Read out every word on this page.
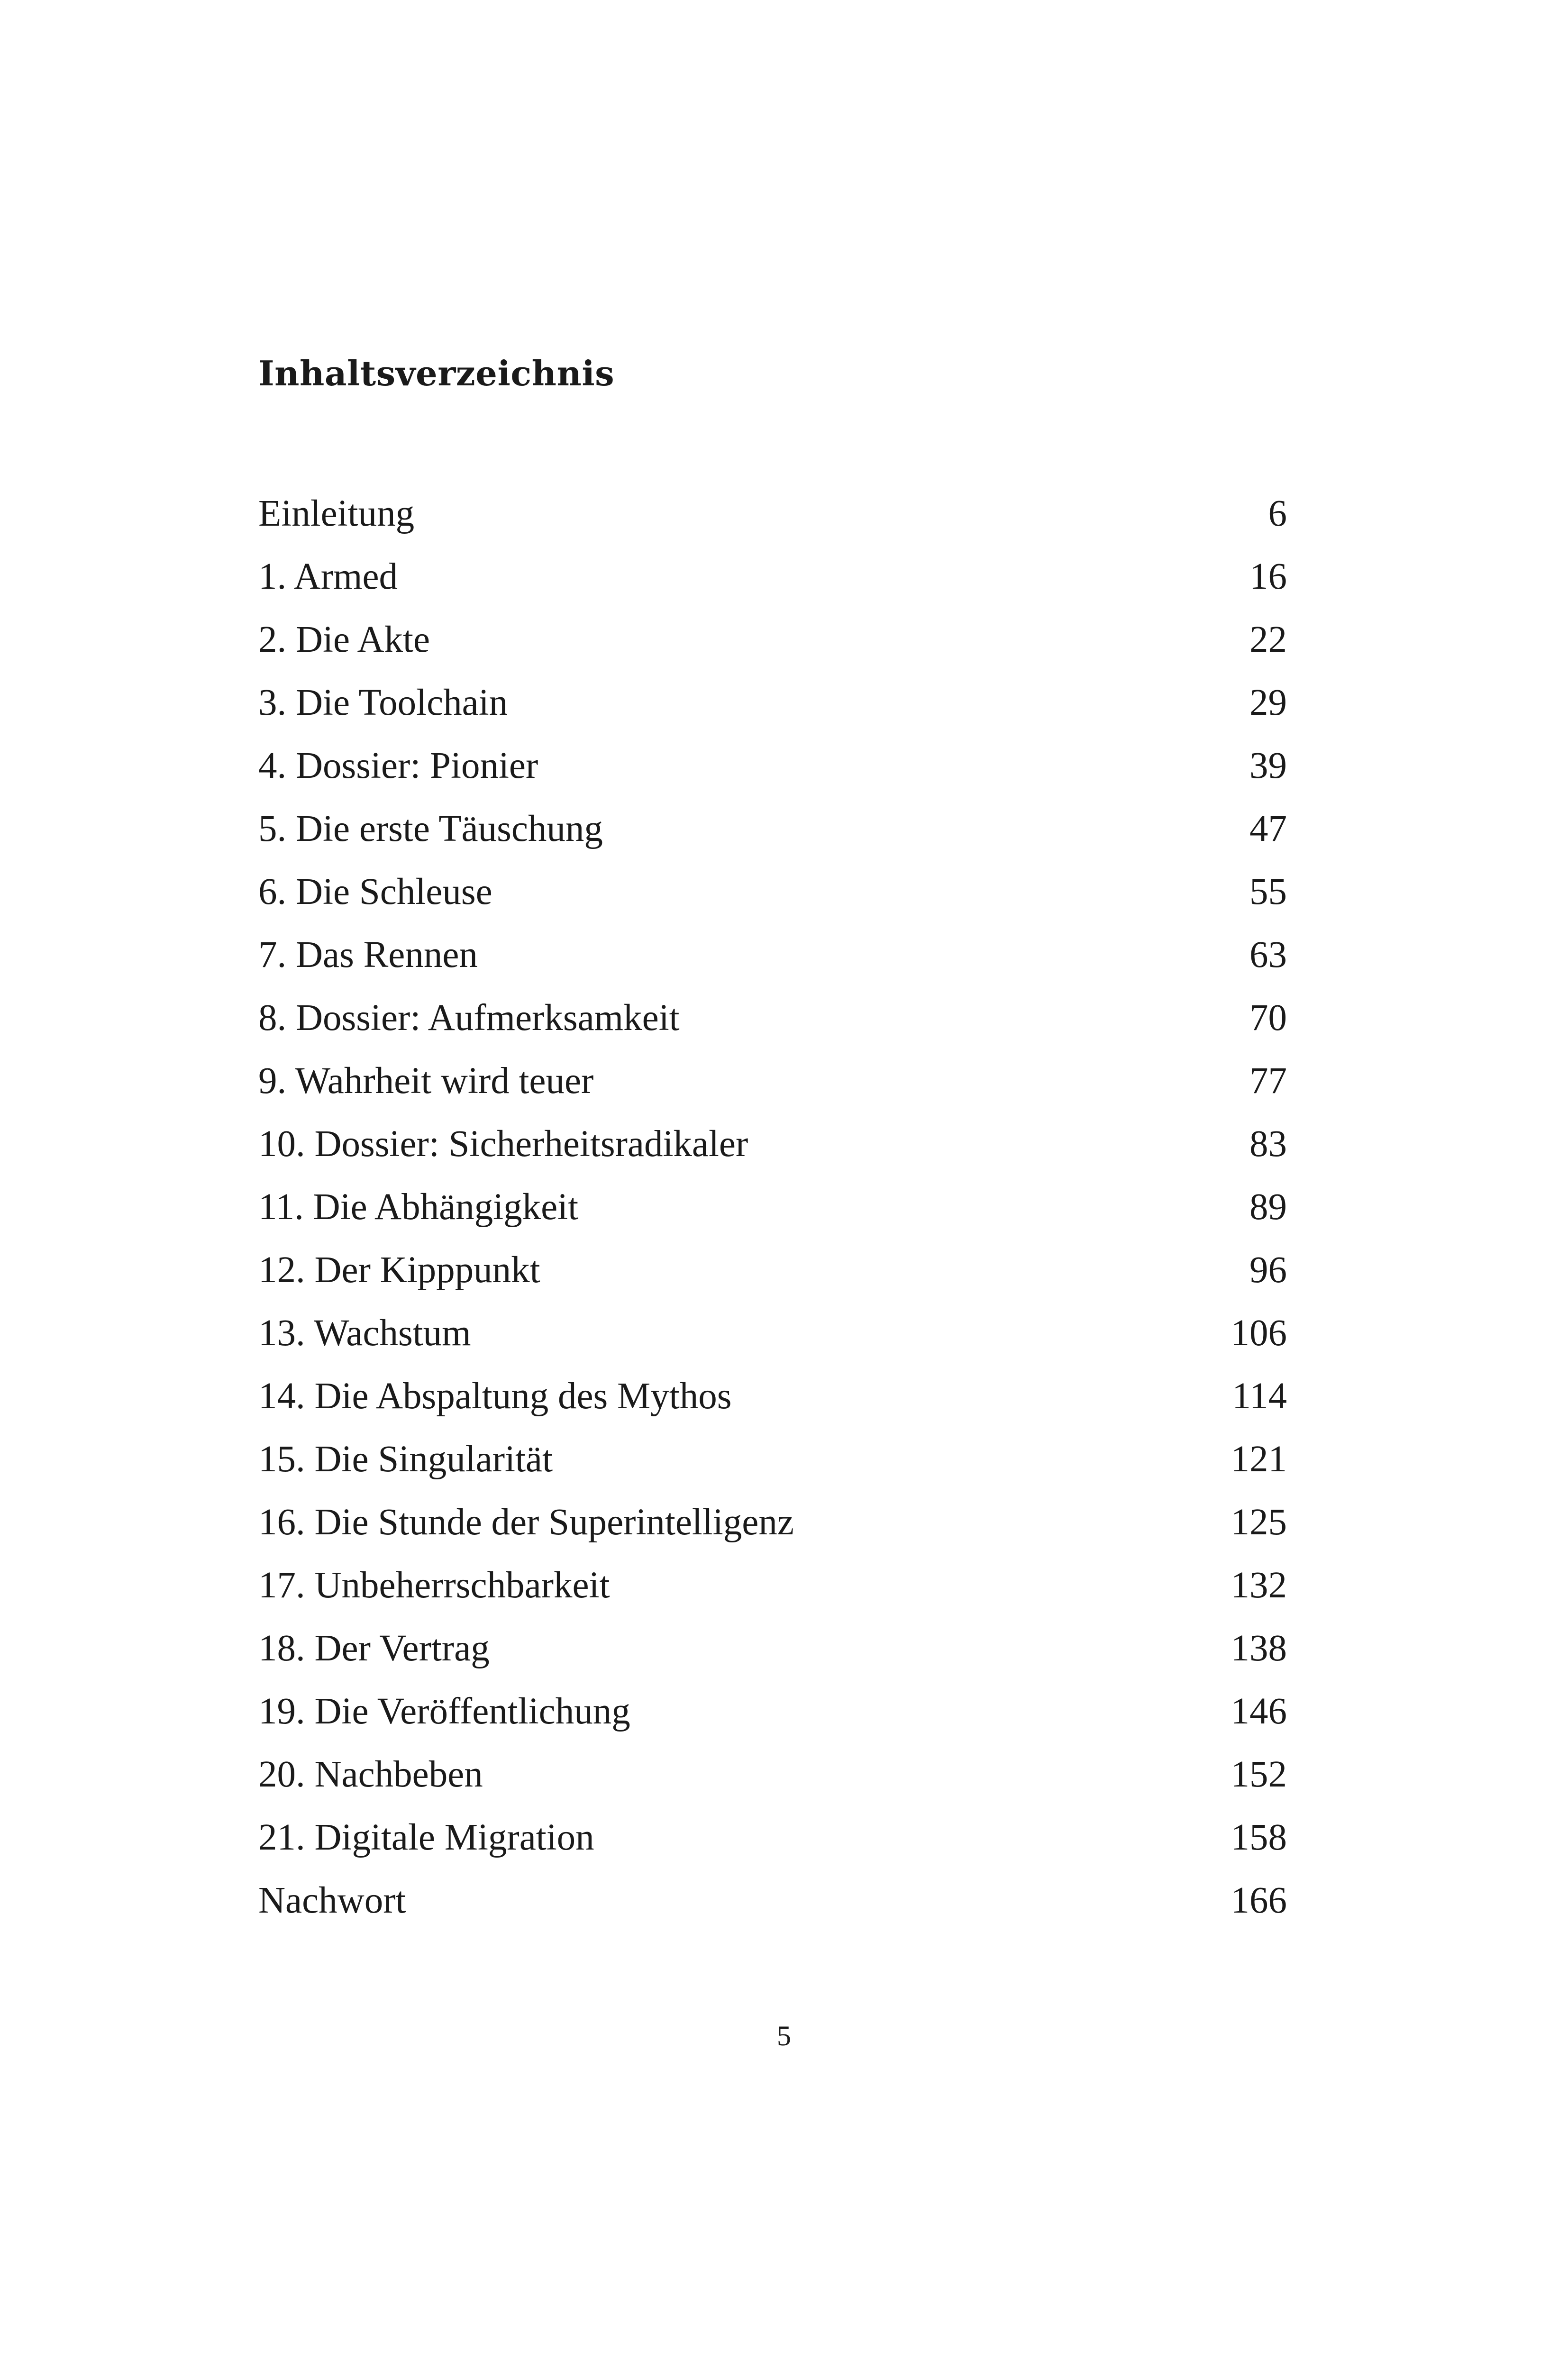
Inhaltsverzeichnis
Einleitung	6
1. Armed	16
2. Die Akte	22
3. Die Toolchain	29
4. Dossier: Pionier	39
5. Die erste Täuschung	47
6. Die Schleuse	55
7. Das Rennen	63
8. Dossier: Aufmerksamkeit	70
9. Wahrheit wird teuer	77
10. Dossier: Sicherheitsradikaler	83
11. Die Abhängigkeit	89
12. Der Kipppunkt	96
13. Wachstum	106
14. Die Abspaltung des Mythos	114
15. Die Singularität	121
16. Die Stunde der Superintelligenz	125
17. Unbeherrschbarkeit	132
18. Der Vertrag	138
19. Die Veröffentlichung	146
20. Nachbeben	152
21. Digitale Migration	158
Nachwort	166
5
